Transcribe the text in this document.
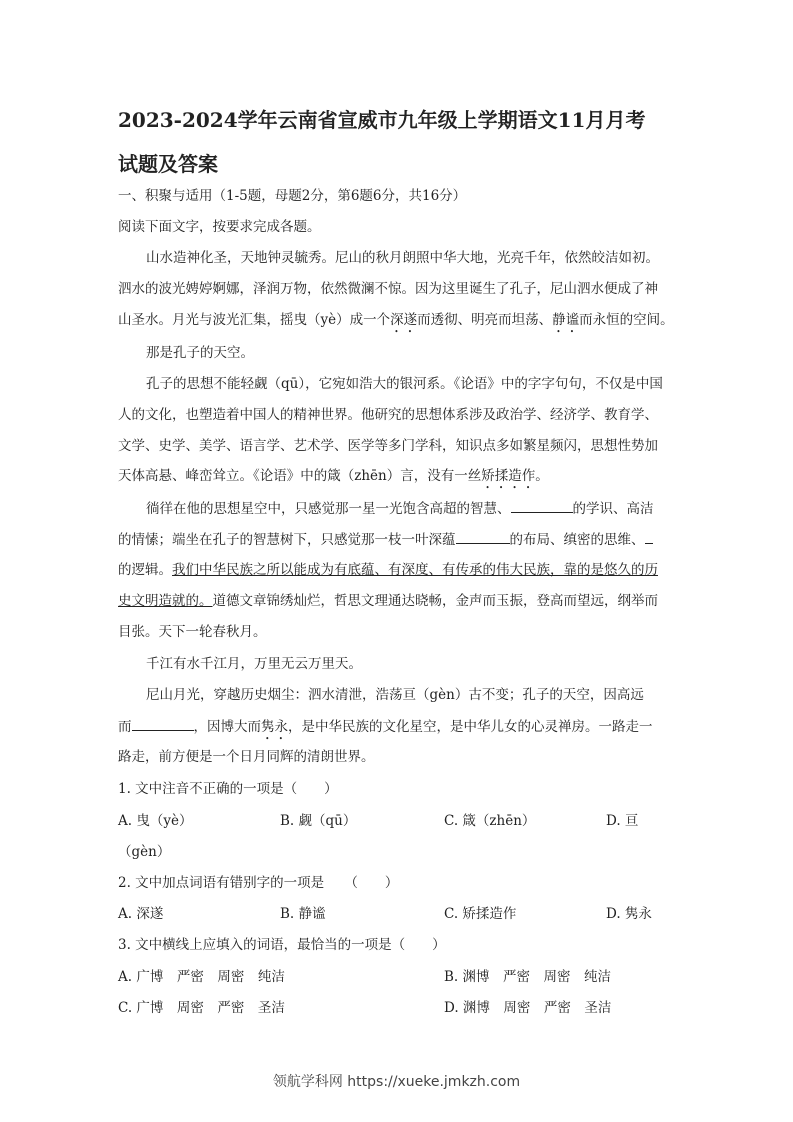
2023-2024学年云南省宣威市九年级上学期语文11月月考
试题及答案
一、积聚与适用（1-5题，母题2分，第6题6分，共16分）
阅读下面文字，按要求完成各题。
山水造神化圣，天地钟灵毓秀。尼山的秋月朗照中华大地，光亮千年，依然皎洁如初。
泗水的波光娉婷婀娜，泽润万物，依然微澜不惊。因为这里诞生了孔子，尼山泗水便成了神
山圣水。月光与波光汇集，摇曳（yè）成一个深遂而透彻、明亮而坦荡、静谧而永恒的空间。
那是孔子的天空。
孔子的思想不能轻觑（qū），它宛如浩大的银河系。《论语》中的字字句句，不仅是中国
人的文化，也塑造着中国人的精神世界。他研究的思想体系涉及政治学、经济学、教育学、
文学、史学、美学、语言学、艺术学、医学等多门学科，知识点多如繁星频闪，思想性势加
天体高悬、峰峦耸立。《论语》中的箴（zhēn）言，没有一丝矫揉造作。
徜徉在他的思想星空中，只感觉那一星一光饱含高超的智慧、	的学识、高洁
的情愫；端坐在孔子的智慧树下，只感觉那一枝一叶深蕴	的布局、缜密的思维、
的逻辑。我们中华民族之所以能成为有底蕴、有深度、有传承的伟大民族，靠的是悠久的历
史文明造就的。道德文章锦绣灿烂，哲思文理通达晓畅，金声而玉振，登高而望远，纲举而
目张。天下一轮春秋月。
千江有水千江月，万里无云万里天。
尼山月光，穿越历史烟尘：泗水清泄，浩荡亘（gèn）古不变；孔子的天空，因高远
而	，因博大而隽永，是中华民族的文化星空，是中华儿女的心灵禅房。一路走一
路走，前方便是一个日月同辉的清朗世界。
1. 文中注音不正确的一项是（　　）
A. 曳（yè）	B. 觑（qū）	C. 箴（zhēn）	D. 亘
（gèn）
2. 文中加点词语有错别字的一项是　　（　　）
A. 深遂	B. 静谧	C. 矫揉造作	D. 隽永
3. 文中横线上应填入的词语，最恰当的一项是（　　）
A. 广博　严密　周密　纯洁	B. 渊博　严密　周密　纯洁
C. 广博　周密　严密　圣洁	D. 渊博　周密　严密　圣洁
领航学科网 https://xueke.jmkzh.com
